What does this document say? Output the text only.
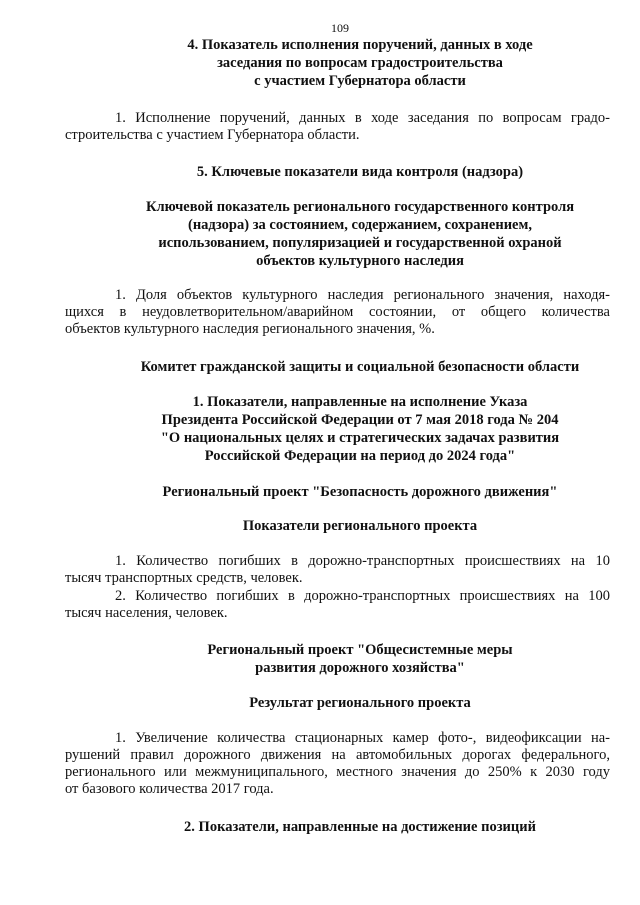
109
4. Показатель исполнения поручений, данных в ходе
заседания по вопросам градостроительства
с участием Губернатора области
1. Исполнение поручений, данных в ходе заседания по вопросам градо-
строительства с участием Губернатора области.
5. Ключевые показатели вида контроля (надзора)
Ключевой показатель регионального государственного контроля
(надзора) за состоянием, содержанием, сохранением,
использованием, популяризацией и государственной охраной
объектов культурного наследия
1. Доля объектов культурного наследия регионального значения, находя-
щихся в неудовлетворительном/аварийном состоянии, от общего количества
объектов культурного наследия регионального значения, %.
Комитет гражданской защиты и социальной безопасности области
1. Показатели, направленные на исполнение Указа
Президента Российской Федерации от 7 мая 2018 года № 204
"О национальных целях и стратегических задачах развития
Российской Федерации на период до 2024 года"
Региональный проект "Безопасность дорожного движения"
Показатели регионального проекта
1. Количество погибших в дорожно-транспортных происшествиях на 10
тысяч транспортных средств, человек.
2. Количество погибших в дорожно-транспортных происшествиях на 100
тысяч населения, человек.
Региональный проект "Общесистемные меры
развития дорожного хозяйства"
Результат регионального проекта
1. Увеличение количества стационарных камер фото-, видеофиксации на-
рушений правил дорожного движения на автомобильных дорогах федерального,
регионального или межмуниципального, местного значения до 250% к 2030 году
от базового количества 2017 года.
2. Показатели, направленные на достижение позиций
